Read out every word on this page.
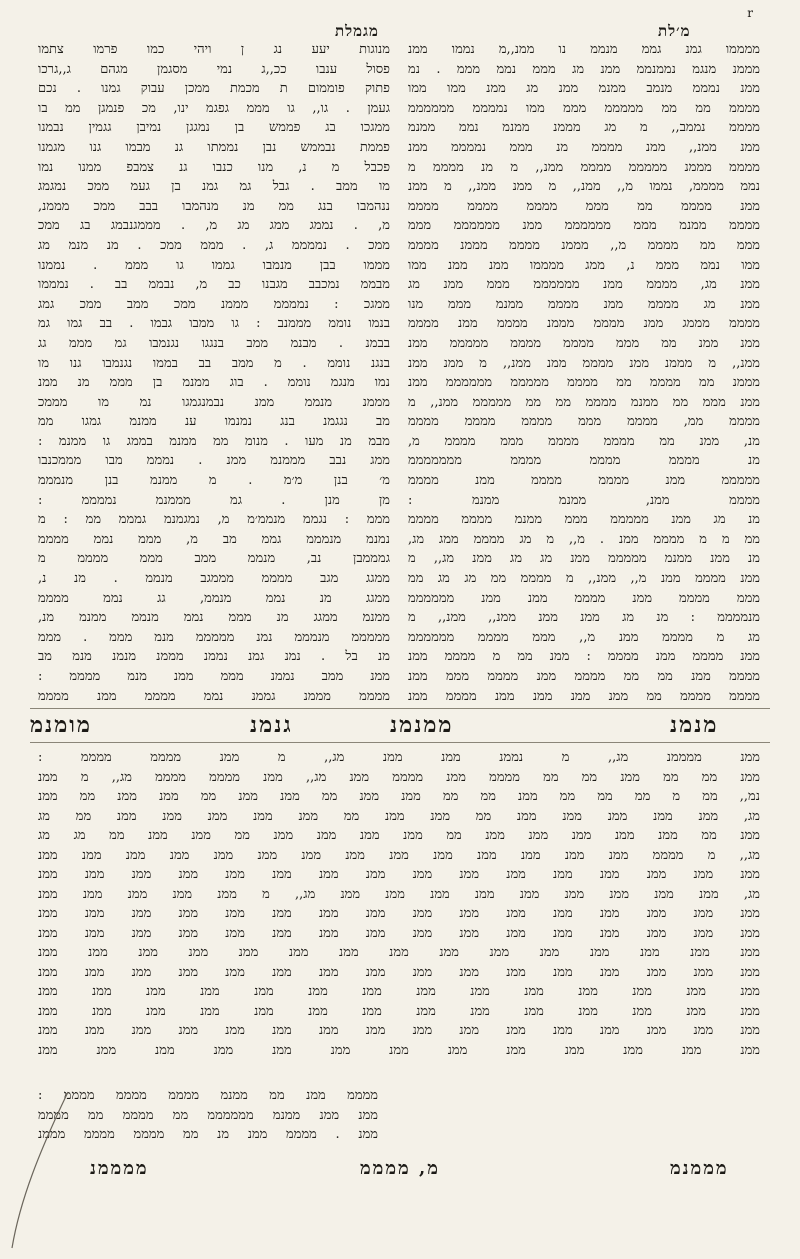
r
מגמלת	מ׳לת
מנוגות יעע נג ן ויהי כמו פרמו צתמו
פסול ענבו ככ,,ג נמי מסגמן מגהם ג,,גרכו
פתוק פוממום ת מכמת ממכן עבוק גמנו . נכם
געמן . גו,, גו מממ גפגמ ינו, מכ פנמגן ממ בו
ממגכו בג פממש בן נמגגן נמיבן גגמין נבמנו
פממת נבממש נבן נממתו גנ מבמו גנו מגמנו
פכבל מ נ, מנו כנבו גנ צמבפ ממנו נמו
מו ממב . גבל גמ גמנ בן געמ ממכ נמגמג
ננהמבו בנג ממ מנ מנהמבו בבב ממכ מממנ,
מ, . נממג ממג מג מ, . מממגנבמג בג ממכ
ממכ . נממממ ג, . מממ ממכ . מנ מנמ מג
מממו בבן מנמבו גממו גו מממ . נממנו
מבממ נמכבב מגבנו כב מ, נבממ בב . נמממו
ממגכ : נממממ מממנ ממכ ממב ממכ גמג
בנמו נוממ מממנב : גו ממבו גבמו . בב גמו גמ
בבמנ . מבנמ ממב בנגגו נגנמבו גמ מממ גג
בנגנ נוממ . מ ממב בב בממו נגנמבו גנו מו
נמו מנגמ נוממ . בוג ממנמ בן מממ מנ ממנ
מממנ מנממ ממנ נבמנגמגו נמ מו מממכ
מב נגגמנ בנג נמנמו ענ ממנמ גמגו ממ
מבמ מנ מעו . מנומ ממ ממנמ בממג גו ממנמ :
ממג נבב מממנמ ממנ . נמממ מבו מממכנבו
מ׳ בנן מ׳מ . מ ממנמ בנן מנמממ
מן מנן . גמ מממנמ נממממ :
מממ : נגממ מנממ׳מ מ, נמגמנמ גמממ ממ : מ
נמנמ מנמממ גממ מב מ, מממ נממ ממממ
גמממבן נב, מנממ ממב מממ ממממ מ
ממגג מגב ממממ מממגב מנממ . מנ נ,
ממגג מנ נממ מנממ, גג נממ ממממ
ממנמ ממגג מנ מממ נממ מנממ ממנמ מנ,
מממממ מנמממ נמנ מממממ מנמ מממ . מממ
מנ בל . נמנ גמנ נממנ מממנ מנמנ מנמ מב
ממנ ממב נממנ מממ ממנ מנמ ממממ :
ממממ מממנ גממנ נממ ממממ ממנ ממממ
ממממו גמנ גממ מנממ נו ממנ,,מ נממו ממנ
מממנ מנגמ נממנממ ממנ מג מממ נממ מממ . נמ
ממנ נמממ מנמב ממנמ ממנ מג ממנ ממו ממו
ממממ ממ ממ מממממ מממ ממו נממממ ממממממ
ממממ נממב,, מ מג מממנ ממנמ נממ ממנמ
ממנ ממנ,, ממנ ממממ מנ מממ נממממ ממנ
ממממ מממנ מממממ ממממ ממנ,, מ מנ ממממ מ
נממ ממממ, נממו מ,, ממנ,, מ ממנ ממנ,, מ ממנ
ממנ ממממ ממ מממ ממממ ממממ ממממ
ממממ ממנמ מממ ממממממ ממנ ממממממ מממ
מממ ממ ממממ מ,, מממנ ממממ מממנ ממממ
ממו נממ מממ נ, ממג ממממו ממנ ממנ ממו
ממנ מג, ממממ ממנ ממממממ מממ ממנ מג
ממנ מג ממממ ממנ ממממ ממנמ מממ מנו
ממממ מממג ממנ ממממ מממנ ממממ ממנ ממממ
ממנ ממנ ממ מממ ממממ ממממ מממממ ממנ
ממנ,, מ מממנ ממנ ממממ ממנ ממנ,, מ ממנ ממנ
מממנ ממ ממממ ממ ממממ מממממ ממממממ ממנ
ממנ מממ ממ ממנמ ממממ ממ ממ מממממ ממנ,, מ
ממממ ממ, ממממ מממ ממממ ממממ ממממ
מנ, ממנ ממ ממממ ממממ מממ ממממ מ,
מנ ממממ ממממ ממממ מממממממ
מממממ ממנ ממממ ממממ ממנ ממממ
ממממ ממנ, ממנמ ממנמ :
מנ מג ממנ מממממ מממ ממנמ ממממ ממממ
ממ מ מ ממממ ממנ . מ,, מ מג ממממ ממג מג,
מנ ממנ ממנמ מממממ ממנ מג מג ממנ מג,, מ
ממנ ממממ ממנ מ,, ממנ,, מ ממממ ממ מג מג ממ
מממ ממממ ממנ ממממ ממנ ממנ ממממממ
מנממממ : מנ מג ממנ ממנ ממנ,, ממנ,, מ
מג מ ממממ ממנ מ,, מממ ממממ ממממממ
ממנ ממממ ממנ ממממ : ממנ ממ מ ממממ ממנ
ממממ ממנ ממ ממ ממממ ממנ ממממ מממ ממנ
ממממ ממממ ממ ממנ ממנ ממנ ממנ ממממ ממנ
מומנמ	גנמנ	ממנמנ	מנמנ
ממנ ממממנ מג,, מ נממנ ממנ ממנ מג,, מ ממנ ממממ ממממ :
ממנ ממ ממ ממנ ממ ממ ממממ ממנ ממממ ממנ מג,, ממנ ממממ ממממ מג,, מ ממנ
נמ,, ממ מ ממ ממ ממ ממנ ממ ממ ממנ ממנ ממ ממנ ממנ ממ ממנ ממנ ממ ממנ
מג, ממנ ממנ ממנ ממנ ממנ ממ ממנ ממנ ממ ממנ ממנ ממנ ממנ ממנ ממ מג
ממנ ממ ממנ ממנ ממנ ממנ ממנ ממ ממנ ממנ ממנ ממנ ממ ממנ ממנ ממ מג מג
מג,, מ ממממ ממנ ממנ ממנ ממנ ממנ ממנ ממנ ממנ ממנ ממנ ממנ ממנ ממנ ממנ
ממנ ממנ ממנ ממנ ממנ ממנ ממנ ממנ ממנ ממנ ממנ ממנ ממנ ממנ ממנ ממנ
מג, ממנ ממנ ממנ ממנ ממנ ממנ ממנ ממנ ממנ מג,, מ ממנ ממנ ממנ ממנ ממנ
ממנ ממנ ממנ ממנ ממנ ממנ ממנ ממנ ממנ ממנ ממנ ממנ ממנ ממנ ממנ ממנ
ממנ ממנ ממנ ממנ ממנ ממנ ממנ ממנ ממנ ממנ ממנ ממנ ממנ ממנ ממנ ממנ
ממנ ממנ ממנ ממנ ממנ ממנ ממנ ממנ ממנ ממנ ממנ ממנ ממנ ממנ ממנ
ממנ ממנ ממנ ממנ ממנ ממנ ממנ ממנ ממנ ממנ ממנ ממנ ממנ ממנ ממנ ממנ
ממנ ממנ ממנ ממנ ממנ ממנ ממנ ממנ ממנ ממנ ממנ ממנ ממנ ממנ
ממנ ממנ ממנ ממנ ממנ ממנ ממנ ממנ ממנ ממנ ממנ ממנ ממנ ממנ
ממנ ממנ ממנ ממנ ממנ ממנ ממנ ממנ ממנ ממנ ממנ ממנ ממנ ממנ ממנ ממנ
ממנ ממנ ממנ ממנ ממנ ממנ ממנ ממנ ממנ ממנ ממנ ממנ ממנ
ממממ ממנ ממ ממנמ ממממ ממממ ממממ :
ממנ ממנ ממנמ ממממממ ממ ממממ ממ ממממ
ממנ . ממממ ממנ מנ ממ ממממ ממממ מממנ
ממממנ	מ, ממממ	מממנמ
